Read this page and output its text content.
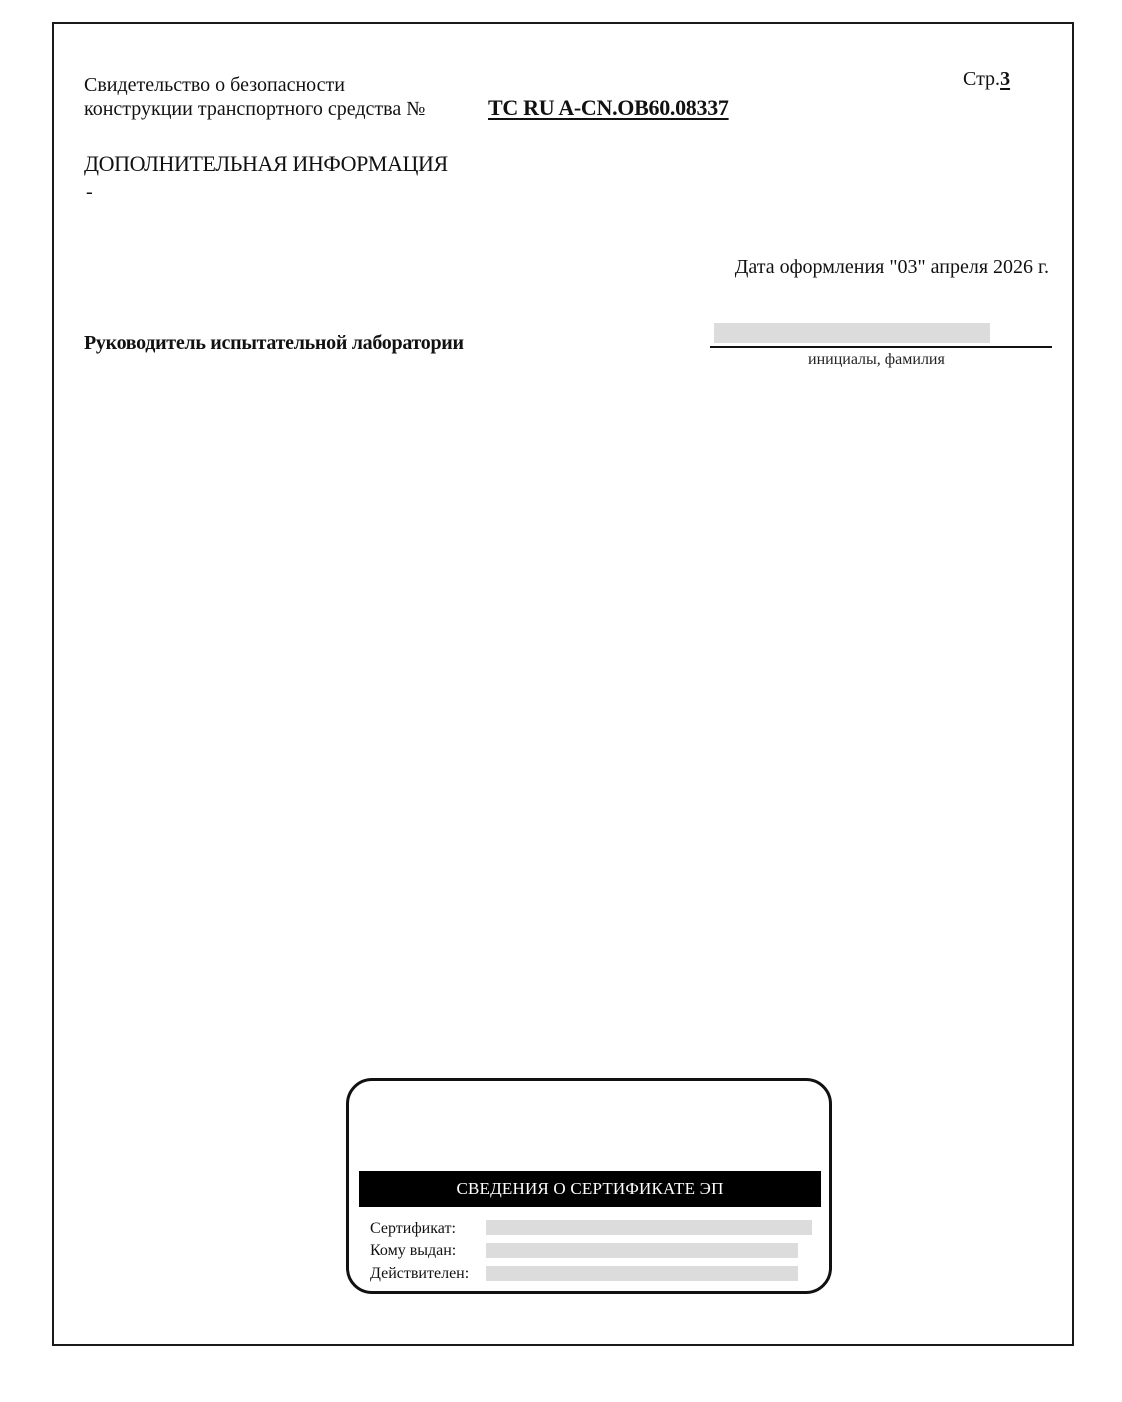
Свидетельство о безопасности
конструкции транспортного средства №	ТС RU A-CN.ОВ60.08337
Стр.3
ДОПОЛНИТЕЛЬНАЯ ИНФОРМАЦИЯ
-
Дата оформления "03" апреля 2026 г.
Руководитель испытательной лаборатории
инициалы, фамилия
СВЕДЕНИЯ О СЕРТИФИКАТЕ ЭП
Сертификат:
Кому выдан:
Действителен:
